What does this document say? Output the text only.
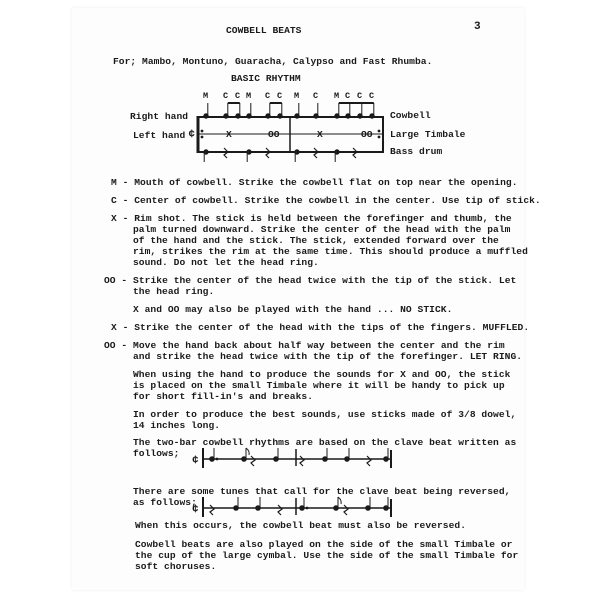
COWBELL BEATS	3
For; Mambo, Montuno, Guaracha, Calypso and Fast Rhumba.
BASIC RHYTHM
M C C M C C M C M C C C
¢
Right hand
Left hand
Cowbell
Large Timbale
Bass drum
X	OO	X	OO
M - Mouth of cowbell. Strike the cowbell flat on top near the opening.
C - Center of cowbell. Strike the cowbell in the center. Use tip of stick.
X - Rim shot. The stick is held between the forefinger and thumb, the
palm turned downward. Strike the center of the head with the palm
of the hand and the stick. The stick, extended forward over the
rim, strikes the rim at the same time. This should produce a muffled
sound. Do not let the head ring.
OO - Strike the center of the head twice with the tip of the stick. Let
the head ring.
X and OO may also be played with the hand ... NO STICK.
X - Strike the center of the head with the tips of the fingers. MUFFLED.
OO - Move the hand back about half way between the center and the rim
and strike the head twice with the tip of the forefinger. LET RING.
When using the hand to produce the sounds for X and OO, the stick
is placed on the small Timbale where it will be handy to pick up
for short fill-in's and breaks.
In order to produce the best sounds, use sticks made of 3/8 dowel,
14 inches long.
The two-bar cowbell rhythms are based on the clave beat written as
follows;
There are some tunes that call for the clave beat being reversed,
as follows;
When this occurs, the cowbell beat must also be reversed.
Cowbell beats are also played on the side of the small Timbale or
the cup of the large cymbal. Use the side of the small Timbale for
soft choruses.
¢
¢
